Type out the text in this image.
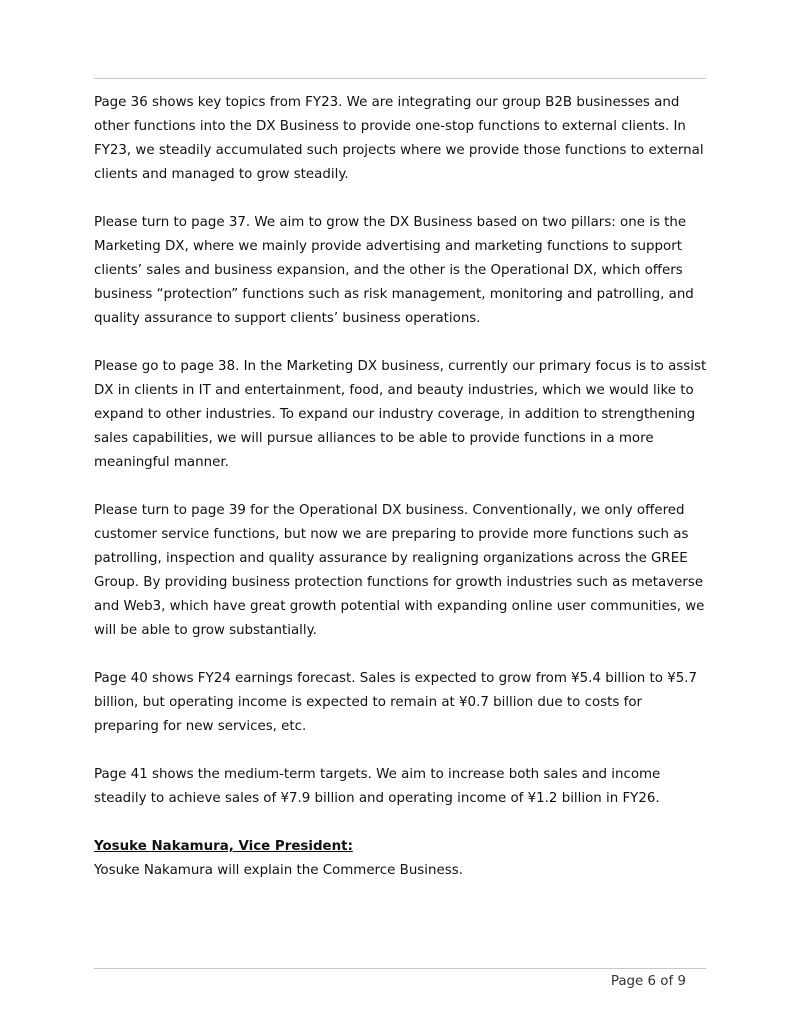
Page 36 shows key topics from FY23. We are integrating our group B2B businesses and other functions into the DX Business to provide one-stop functions to external clients. In FY23, we steadily accumulated such projects where we provide those functions to external clients and managed to grow steadily.

Please turn to page 37. We aim to grow the DX Business based on two pillars: one is the Marketing DX, where we mainly provide advertising and marketing functions to support clients’ sales and business expansion, and the other is the Operational DX, which offers business “protection” functions such as risk management, monitoring and patrolling, and quality assurance to support clients’ business operations.

Please go to page 38. In the Marketing DX business, currently our primary focus is to assist DX in clients in IT and entertainment, food, and beauty industries, which we would like to expand to other industries. To expand our industry coverage, in addition to strengthening sales capabilities, we will pursue alliances to be able to provide functions in a more meaningful manner.

Please turn to page 39 for the Operational DX business. Conventionally, we only offered customer service functions, but now we are preparing to provide more functions such as patrolling, inspection and quality assurance by realigning organizations across the GREE Group. By providing business protection functions for growth industries such as metaverse and Web3, which have great growth potential with expanding online user communities, we will be able to grow substantially.

Page 40 shows FY24 earnings forecast. Sales is expected to grow from ¥5.4 billion to ¥5.7 billion, but operating income is expected to remain at ¥0.7 billion due to costs for preparing for new services, etc.

Page 41 shows the medium-term targets. We aim to increase both sales and income steadily to achieve sales of ¥7.9 billion and operating income of ¥1.2 billion in FY26.

Yosuke Nakamura, Vice President:

Yosuke Nakamura will explain the Commerce Business.

Page 6 of 9
